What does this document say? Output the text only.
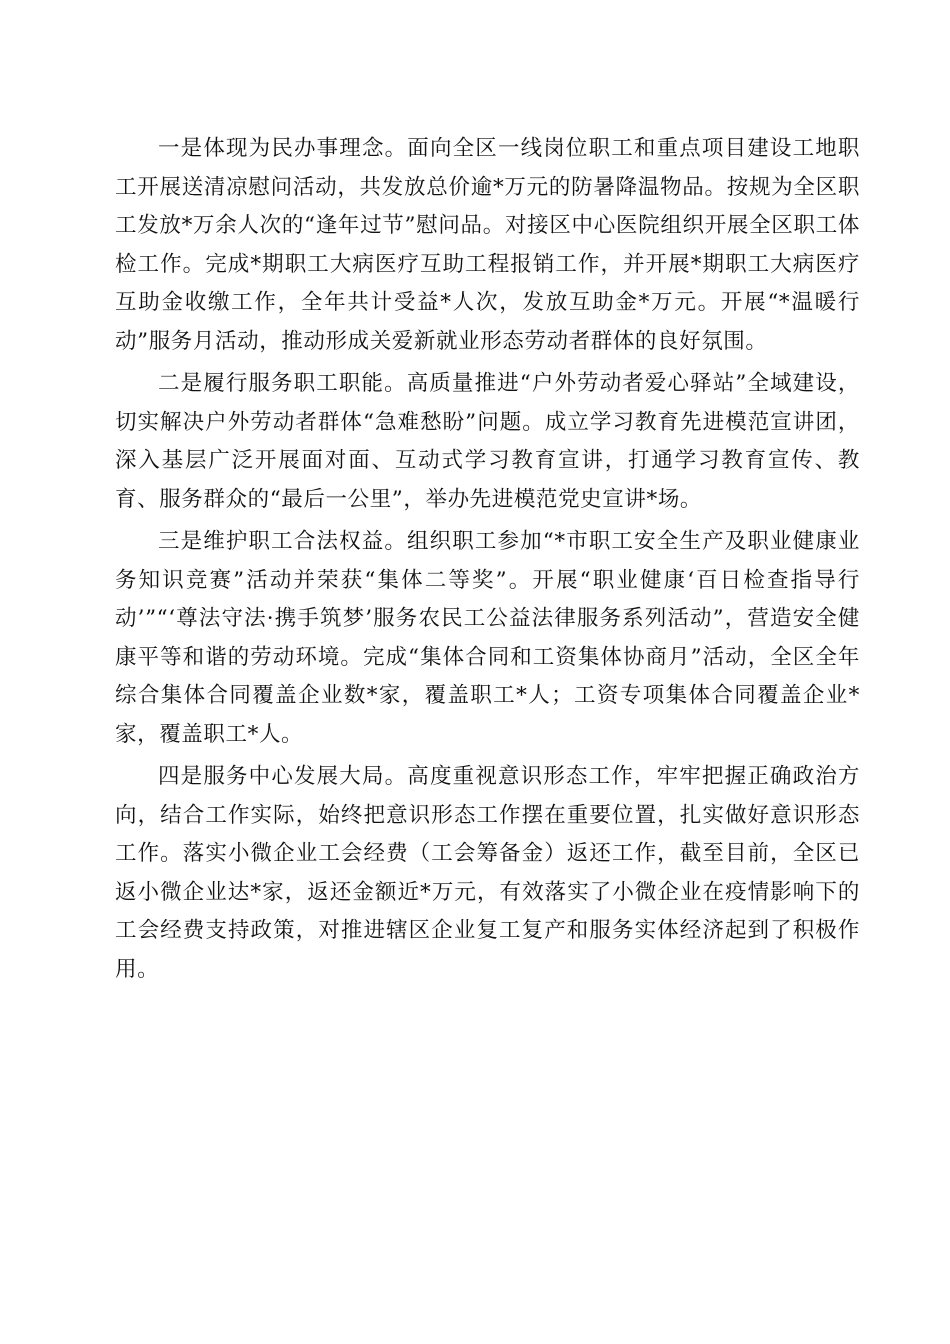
一是体现为民办事理念。面向全区一线岗位职工和重点项目建设工地职工开展送清凉慰问活动，共发放总价逾*万元的防暑降温物品。按规为全区职工发放*万余人次的“逢年过节”慰问品。对接区中心医院组织开展全区职工体检工作。完成*期职工大病医疗互助工程报销工作，并开展*期职工大病医疗互助金收缴工作，全年共计受益*人次，发放互助金*万元。开展“*温暖行动”服务月活动，推动形成关爱新就业形态劳动者群体的良好氛围。

二是履行服务职工职能。高质量推进“户外劳动者爱心驿站”全域建设，切实解决户外劳动者群体“急难愁盼”问题。成立学习教育先进模范宣讲团，深入基层广泛开展面对面、互动式学习教育宣讲，打通学习教育宣传、教育、服务群众的“最后一公里”，举办先进模范党史宣讲*场。

三是维护职工合法权益。组织职工参加“*市职工安全生产及职业健康业务知识竞赛”活动并荣获“集体二等奖”。开展“职业健康‘百日检查指导行动’”“‘尊法守法·携手筑梦’服务农民工公益法律服务系列活动”，营造安全健康平等和谐的劳动环境。完成“集体合同和工资集体协商月”活动，全区全年综合集体合同覆盖企业数*家，覆盖职工*人；工资专项集体合同覆盖企业*家，覆盖职工*人。

四是服务中心发展大局。高度重视意识形态工作，牢牢把握正确政治方向，结合工作实际，始终把意识形态工作摆在重要位置，扎实做好意识形态工作。落实小微企业工会经费（工会筹备金）返还工作，截至目前，全区已返小微企业达*家，返还金额近*万元，有效落实了小微企业在疫情影响下的工会经费支持政策，对推进辖区企业复工复产和服务实体经济起到了积极作用。
